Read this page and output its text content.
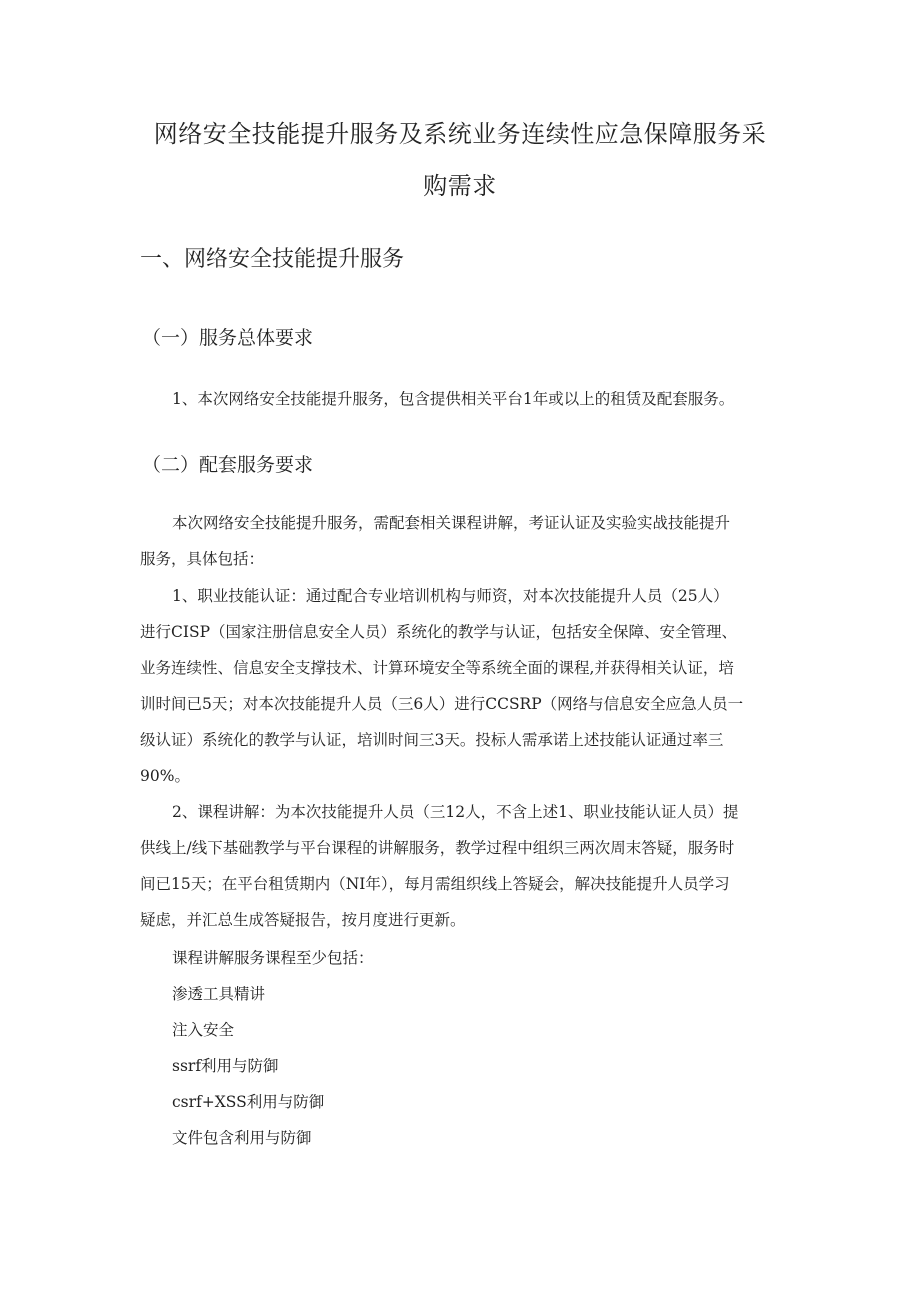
网络安全技能提升服务及系统业务连续性应急保障服务采
购需求
一、网络安全技能提升服务
（一）服务总体要求
1、本次网络安全技能提升服务，包含提供相关平台1年或以上的租赁及配套服务。
（二）配套服务要求
本次网络安全技能提升服务，需配套相关课程讲解，考证认证及实验实战技能提升
服务，具体包括：
1、职业技能认证：通过配合专业培训机构与师资，对本次技能提升人员（25人）
进行CISP（国家注册信息安全人员）系统化的教学与认证，包括安全保障、安全管理、
业务连续性、信息安全支撑技术、计算环境安全等系统全面的课程,并获得相关认证，培
训时间已5天；对本次技能提升人员（三6人）进行CCSRP（网络与信息安全应急人员一
级认证）系统化的教学与认证，培训时间三3天。投标人需承诺上述技能认证通过率三
90%。
2、课程讲解：为本次技能提升人员（三12人，不含上述1、职业技能认证人员）提
供线上/线下基础教学与平台课程的讲解服务，教学过程中组织三两次周末答疑，服务时
间已15天；在平台租赁期内（NI年），每月需组织线上答疑会，解决技能提升人员学习
疑虑，并汇总生成答疑报告，按月度进行更新。
课程讲解服务课程至少包括：
渗透工具精讲
注入安全
ssrf利用与防御
csrf+XSS利用与防御
文件包含利用与防御
